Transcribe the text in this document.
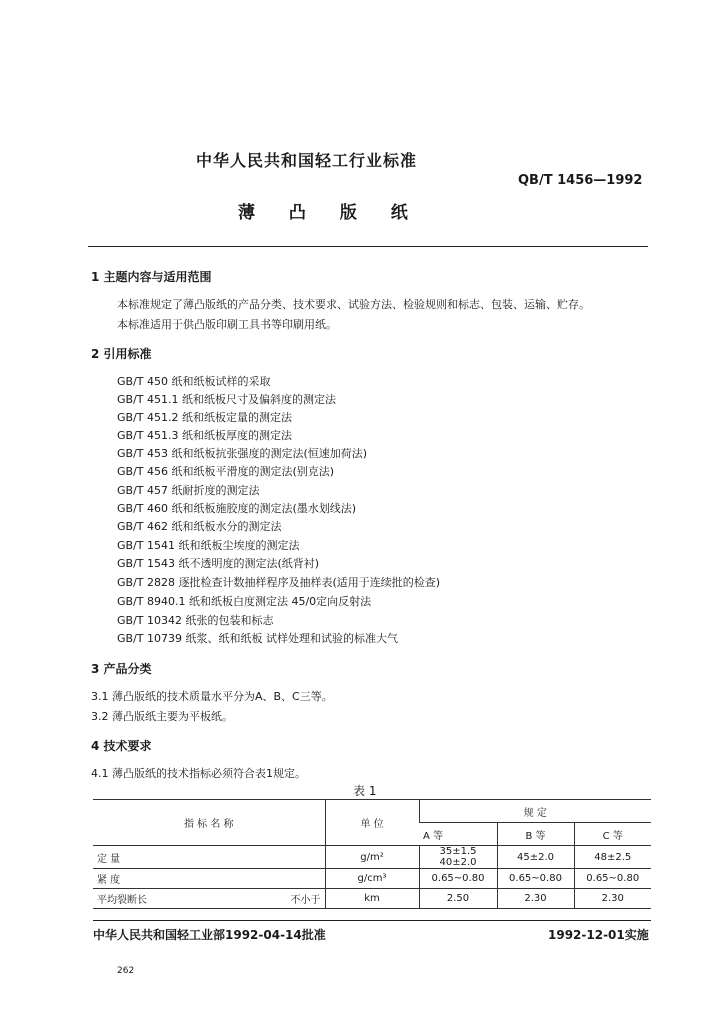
中华人民共和国轻工行业标准
QB/T 1456—1992
薄 凸 版 纸
1 主题内容与适用范围
本标准规定了薄凸版纸的产品分类、技术要求、试验方法、检验规则和标志、包装、运输、贮存。
本标准适用于供凸版印刷工具书等印刷用纸。
2 引用标准
GB/T 450 纸和纸板试样的采取
GB/T 451.1 纸和纸板尺寸及偏斜度的测定法
GB/T 451.2 纸和纸板定量的测定法
GB/T 451.3 纸和纸板厚度的测定法
GB/T 453 纸和纸板抗张强度的测定法(恒速加荷法)
GB/T 456 纸和纸板平滑度的测定法(别克法)
GB/T 457 纸耐折度的测定法
GB/T 460 纸和纸板施胶度的测定法(墨水划线法)
GB/T 462 纸和纸板水分的测定法
GB/T 1541 纸和纸板尘埃度的测定法
GB/T 1543 纸不透明度的测定法(纸背衬)
GB/T 2828 逐批检查计数抽样程序及抽样表(适用于连续批的检查)
GB/T 8940.1 纸和纸板白度测定法 45/0定向反射法
GB/T 10342 纸张的包装和标志
GB/T 10739 纸浆、纸和纸板 试样处理和试验的标准大气
3 产品分类
3.1 薄凸版纸的技术质量水平分为A、B、C三等。
3.2 薄凸版纸主要为平板纸。
4 技术要求
4.1 薄凸版纸的技术指标必须符合表1规定。
表 1
指 标 名 称	单 位	规 定		
		A 等	B 等	C 等

定 量	g/m²	35±1.5 40±2.0	45±2.0	48±2.5

紧 度	g/cm³	0.65~0.80	0.65~0.80	0.65~0.80

平均裂断长 不小于	km	2.50	2.30	2.30
中华人民共和国轻工业部1992-04-14批准	1992-12-01实施
262
